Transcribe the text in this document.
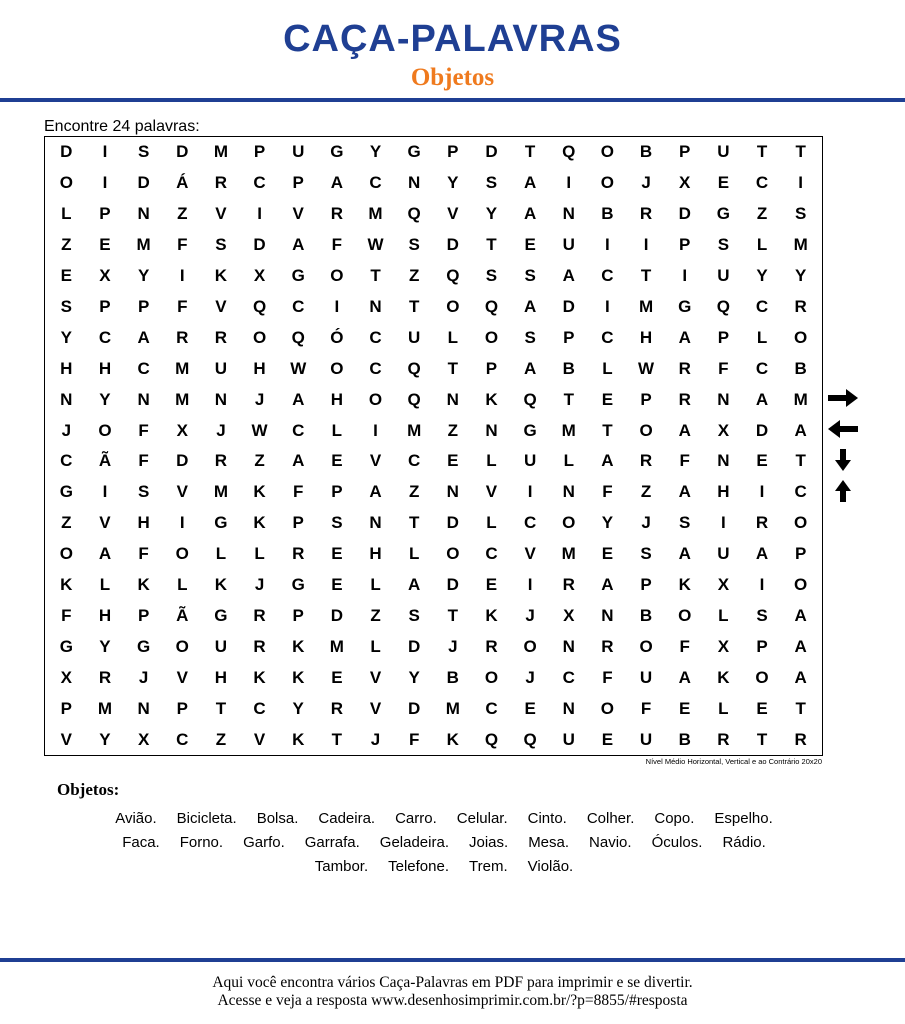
CAÇA-PALAVRAS
Objetos
Encontre 24 palavras:
D	I	S	D	M	P	U	G	Y	G	P	D	T	Q	O	B	P	U	T	T
O	I	D	Á	R	C	P	A	C	N	Y	S	A	I	O	J	X	E	C	I
L	P	N	Z	V	I	V	R	M	Q	V	Y	A	N	B	R	D	G	Z	S
Z	E	M	F	S	D	A	F	W	S	D	T	E	U	I	I	P	S	L	M
E	X	Y	I	K	X	G	O	T	Z	Q	S	S	A	C	T	I	U	Y	Y
S	P	P	F	V	Q	C	I	N	T	O	Q	A	D	I	M	G	Q	C	R
Y	C	A	R	R	O	Q	Ó	C	U	L	O	S	P	C	H	A	P	L	O
H	H	C	M	U	H	W	O	C	Q	T	P	A	B	L	W	R	F	C	B
N	Y	N	M	N	J	A	H	O	Q	N	K	Q	T	E	P	R	N	A	M
J	O	F	X	J	W	C	L	I	M	Z	N	G	M	T	O	A	X	D	A
C	Ã	F	D	R	Z	A	E	V	C	E	L	U	L	A	R	F	N	E	T
G	I	S	V	M	K	F	P	A	Z	N	V	I	N	F	Z	A	H	I	C
Z	V	H	I	G	K	P	S	N	T	D	L	C	O	Y	J	S	I	R	O
O	A	F	O	L	L	R	E	H	L	O	C	V	M	E	S	A	U	A	P
K	L	K	L	K	J	G	E	L	A	D	E	I	R	A	P	K	X	I	O
F	H	P	Ã	G	R	P	D	Z	S	T	K	J	X	N	B	O	L	S	A
G	Y	G	O	U	R	K	M	L	D	J	R	O	N	R	O	F	X	P	A
X	R	J	V	H	K	K	E	V	Y	B	O	J	C	F	U	A	K	O	A
P	M	N	P	T	C	Y	R	V	D	M	C	E	N	O	F	E	L	E	T
V	Y	X	C	Z	V	K	T	J	F	K	Q	Q	U	E	U	B	R	T	R
Nível Médio Horizontal, Vertical e ao Contrário 20x20
Objetos:
Avião. Bicicleta. Bolsa. Cadeira. Carro. Celular. Cinto. Colher. Copo. Espelho.
Faca. Forno. Garfo. Garrafa. Geladeira. Joias. Mesa. Navio. Óculos. Rádio.
Tambor. Telefone. Trem. Violão.
Aqui você encontra vários Caça-Palavras em PDF para imprimir e se divertir.
Acesse e veja a resposta www.desenhosimprimir.com.br/?p=8855/#resposta
